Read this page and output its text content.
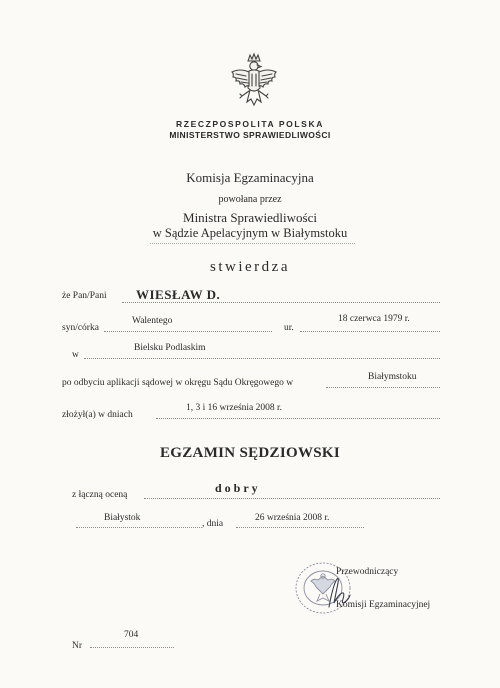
RZECZPOSPOLITA POLSKA
MINISTERSTWO SPRAWIEDLIWOŚCI
Komisja Egzaminacyjna
powołana przez
Ministra Sprawiedliwości
w Sądzie Apelacyjnym w Białymstoku
stwierdza
że Pan/Pani WIESŁAW D.
syn/córka
Walentego
ur.
18 czerwca 1979 r.
w
Bielsku Podlaskim
po odbyciu aplikacji sądowej w okręgu Sądu Okręgowego w
Białymstoku
złożył(a) w dniach
1, 3 i 16 września 2008 r.
EGZAMIN SĘDZIOWSKI
z łączną oceną	dobry
Białystok
, dnia
26 września 2008 r.
Przewodniczący
Komisji Egzaminacyjnej
Nr
704
